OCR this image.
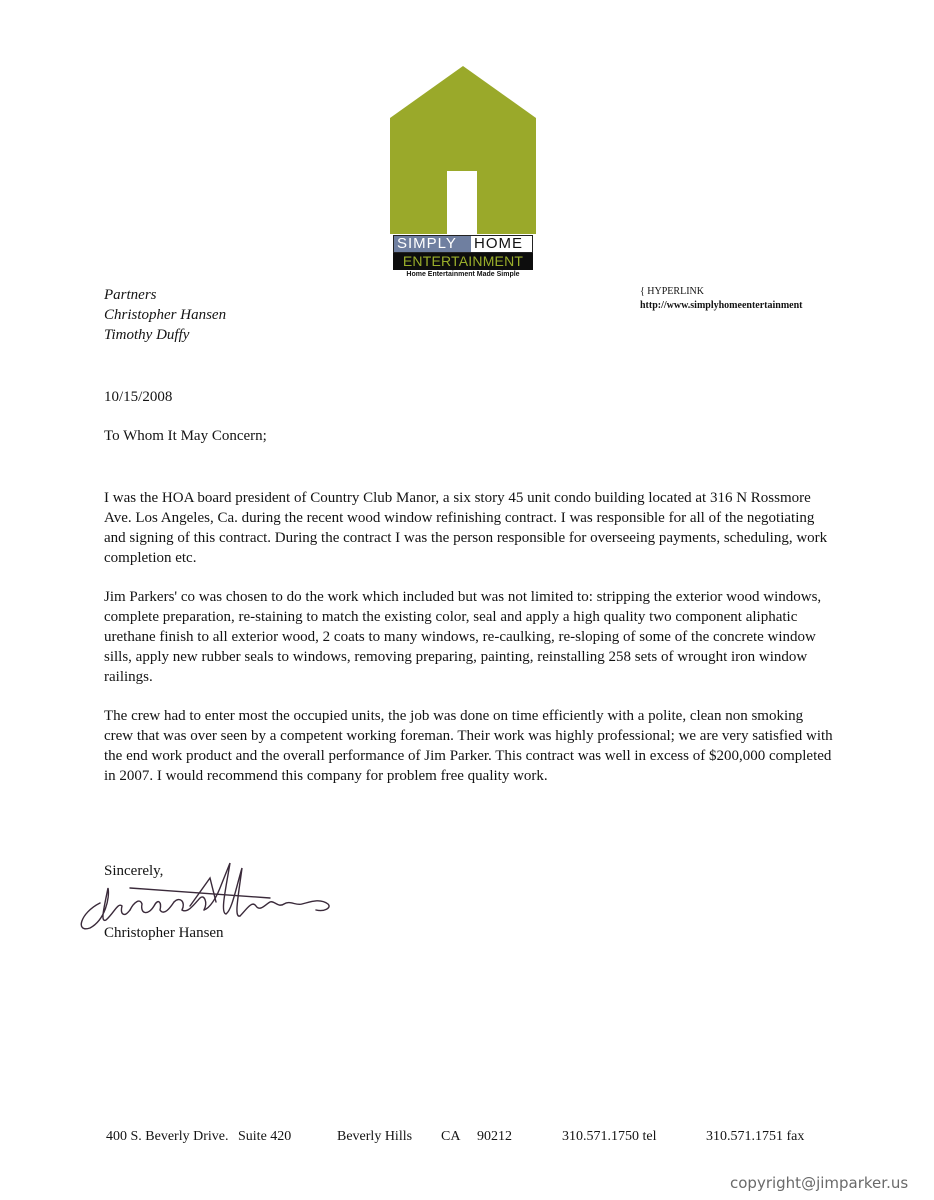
SIMPLY	HOME
ENTERTAINMENT
Home Entertainment Made Simple
Partners
Christopher Hansen
Timothy Duffy
{ HYPERLINK
http://www.simplyhomeentertainment
10/15/2008
To Whom It May Concern;
I was the HOA board president of Country Club Manor, a six story 45 unit condo building located at 316 N Rossmore Ave. Los Angeles, Ca. during the recent wood window refinishing contract. I was responsible for all of the negotiating and signing of this contract. During the contract I was the person responsible for overseeing payments, scheduling, work completion etc.
Jim Parkers' co was chosen to do the work which included but was not limited to: stripping the exterior wood windows, complete preparation, re-staining to match the existing color, seal and apply a high quality two component aliphatic urethane finish to all exterior wood, 2 coats to many windows, re-caulking, re-sloping of some of the concrete window sills, apply new rubber seals to windows, removing preparing, painting, reinstalling 258 sets of wrought iron window railings.
The crew had to enter most the occupied units, the job was done on time efficiently with a polite, clean non smoking crew that was over seen by a competent working foreman. Their work was highly professional; we are very satisfied with the end work product and the overall performance of Jim Parker. This contract was well in excess of $200,000 completed in 2007. I would recommend this company for problem free quality work.
Sincerely,
Christopher Hansen
400 S. Beverly Drive. Suite 420	Beverly Hills	CA	90212	310.571.1750 tel	310.571.1751 fax
copyright@jimparker.us
